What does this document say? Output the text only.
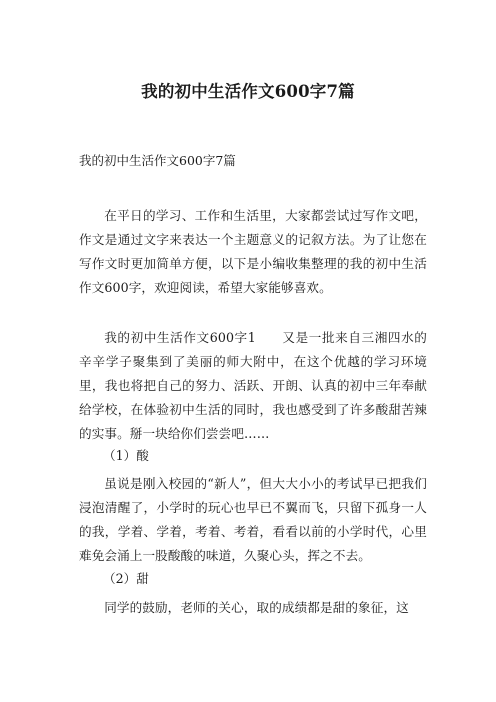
我的初中生活作文600字7篇

我的初中生活作文600字7篇

在平日的学习、工作和生活里，大家都尝试过写作文吧，作文是通过文字来表达一个主题意义的记叙方法。为了让您在写作文时更加简单方便，以下是小编收集整理的我的初中生活作文600字，欢迎阅读，希望大家能够喜欢。

我的初中生活作文600字1 又是一批来自三湘四水的辛辛学子聚集到了美丽的师大附中，在这个优越的学习环境里，我也将把自己的努力、活跃、开朗、认真的初中三年奉献给学校，在体验初中生活的同时，我也感受到了许多酸甜苦辣的实事。掰一块给你们尝尝吧……

（1）酸

虽说是刚入校园的“新人”，但大大小小的考试早已把我们浸泡清醒了，小学时的玩心也早已不翼而飞，只留下孤身一人的我，学着、学着，考着、考着，看看以前的小学时代，心里难免会涌上一股酸酸的味道，久聚心头，挥之不去。

（2）甜

同学的鼓励，老师的关心，取的成绩都是甜的象征，这
